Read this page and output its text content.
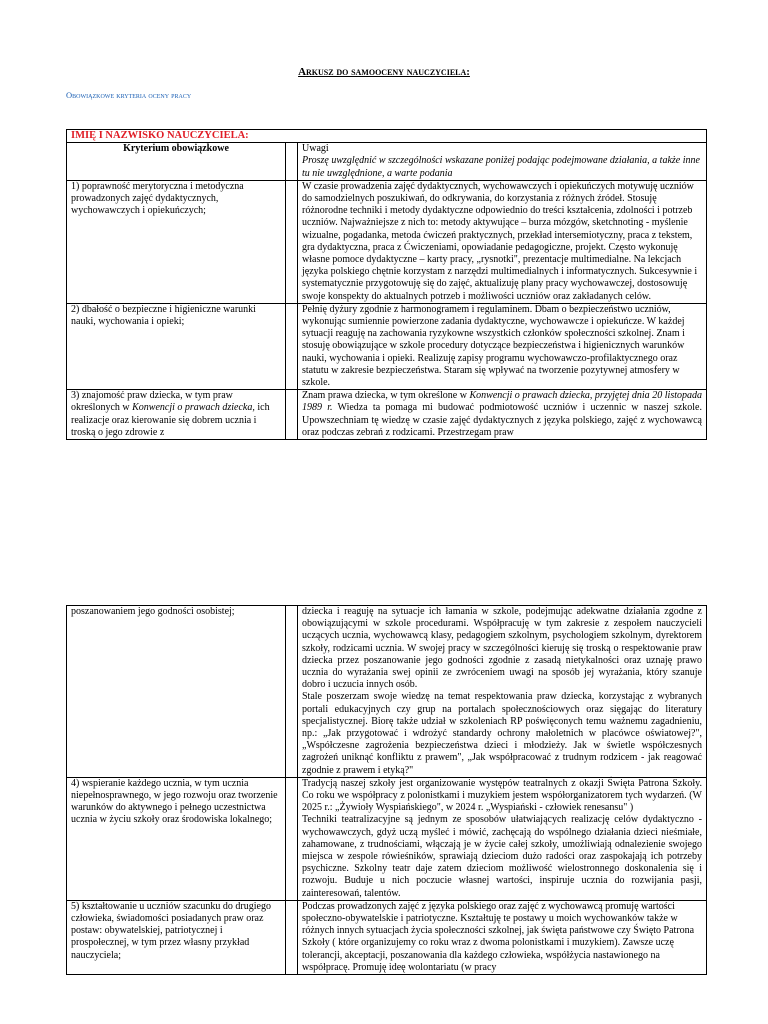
Arkusz do samooceny nauczyciela:
Obowiązkowe kryteria oceny pracy
IMIĘ I NAZWISKO NAUCZYCIELA:		
Kryterium obowiązkowe		Uwagi
Proszę uwzględnić w szczególności wskazane poniżej podając podejmowane działania, a także inne tu nie uwzględnione, a warte podania

1) poprawność merytoryczna i metodyczna prowadzonych zajęć dydaktycznych, wychowawczych i opiekuńczych;		W czasie prowadzenia zajęć dydaktycznych, wychowawczych i opiekuńczych motywuję uczniów do samodzielnych poszukiwań, do odkrywania, do korzystania z różnych źródeł. Stosuję różnorodne techniki i metody dydaktyczne odpowiednio do treści kształcenia, zdolności i potrzeb uczniów. Najważniejsze z nich to: metody aktywujące – burza mózgów, sketchnoting - myślenie wizualne, pogadanka, metoda ćwiczeń praktycznych, przekład intersemiotyczny, praca z tekstem, gra dydaktyczna, praca z Ćwiczeniami, opowiadanie pedagogiczne, projekt. Często wykonuję własne pomoce dydaktyczne – karty pracy, „rysnotki", prezentacje multimedialne. Na lekcjach języka polskiego chętnie korzystam z narzędzi multimedialnych i informatycznych. Sukcesywnie i systematycznie przygotowuję się do zajęć, aktualizuję plany pracy wychowawczej, dostosowuję swoje konspekty do aktualnych potrzeb i możliwości uczniów oraz zakładanych celów.
2) dbałość o bezpieczne i higieniczne warunki nauki, wychowania i opieki;		Pełnię dyżury zgodnie z harmonogramem i regulaminem. Dbam o bezpieczeństwo uczniów, wykonując sumiennie powierzone zadania dydaktyczne, wychowawcze i opiekuńcze. W każdej sytuacji reaguję na zachowania ryzykowne wszystkich członków społeczności szkolnej. Znam i stosuję obowiązujące w szkole procedury dotyczące bezpieczeństwa i higienicznych warunków nauki, wychowania i opieki. Realizuję zapisy programu wychowawczo-profilaktycznego oraz statutu w zakresie bezpieczeństwa. Staram się wpływać na tworzenie pozytywnej atmosfery w szkole.
3) znajomość praw dziecka, w tym praw określonych w Konwencji o prawach dziecka, ich realizacje oraz kierowanie się dobrem ucznia i troską o jego zdrowie z		Znam prawa dziecka, w tym określone w Konwencji o prawach dziecka, przyjętej dnia 20 listopada 1989 r. Wiedza ta pomaga mi budować podmiotowość uczniów i uczennic w naszej szkole. Upowszechniam tę wiedzę w czasie zajęć dydaktycznych z języka polskiego, zajęć z wychowawcą oraz podczas zebrań z rodzicami. Przestrzegam praw
poszanowaniem jego godności osobistej;		dziecka i reaguję na sytuacje ich łamania w szkole, podejmując adekwatne działania zgodne z obowiązującymi w szkole procedurami. Współpracuję w tym zakresie z zespołem nauczycieli uczących ucznia, wychowawcą klasy, pedagogiem szkolnym, psychologiem szkolnym, dyrektorem szkoły, rodzicami ucznia. W swojej pracy w szczególności kieruję się troską o respektowanie praw dziecka przez poszanowanie jego godności zgodnie z zasadą nietykalności oraz uznaję prawo ucznia do wyrażania swej opinii ze zwróceniem uwagi na sposób jej wyrażania, który szanuje dobro i uczucia innych osób.
Stale poszerzam swoje wiedzę na temat respektowania praw dziecka, korzystając z wybranych portali edukacyjnych czy grup na portalach społecznościowych oraz sięgając do literatury specjalistycznej. Biorę także udział w szkoleniach RP poświęconych temu ważnemu zagadnieniu, np.: „Jak przygotować i wdrożyć standardy ochrony małoletnich w placówce oświatowej?", „Współczesne zagrożenia bezpieczeństwa dzieci i młodzieży. Jak w świetle współczesnych zagrożeń uniknąć konfliktu z prawem", „Jak współpracować z trudnym rodzicem - jak reagować zgodnie z prawem i etyką?"

4) wspieranie każdego ucznia, w tym ucznia niepełnosprawnego, w jego rozwoju oraz tworzenie warunków do aktywnego i pełnego uczestnictwa ucznia w życiu szkoły oraz środowiska lokalnego;		Tradycją naszej szkoły jest organizowanie występów teatralnych z okazji Święta Patrona Szkoły. Co roku we współpracy z polonistkami i muzykiem jestem współorganizatorem tych wydarzeń. (W 2025 r.: „Żywioły Wyspiańskiego", w 2024 r. „Wyspiański - człowiek renesansu" )
Techniki teatralizacyjne są jednym ze sposobów ułatwiających realizację celów dydaktyczno - wychowawczych, gdyż uczą myśleć i mówić, zachęcają do wspólnego działania dzieci nieśmiałe, zahamowane, z trudnościami, włączają je w życie całej szkoły, umożliwiają odnalezienie swojego miejsca w zespole rówieśników, sprawiają dzieciom dużo radości oraz zaspokajają ich potrzeby psychiczne. Szkolny teatr daje zatem dzieciom możliwość wielostronnego doskonalenia się i rozwoju. Buduje u nich poczucie własnej wartości, inspiruje ucznia do rozwijania pasji, zainteresowań, talentów.

5) kształtowanie u uczniów szacunku do drugiego człowieka, świadomości posiadanych praw oraz postaw: obywatelskiej, patriotycznej i prospołecznej, w tym przez własny przykład nauczyciela;		Podczas prowadzonych zajęć z języka polskiego oraz zajęć z wychowawcą promuję wartości społeczno-obywatelskie i patriotyczne. Kształtuję te postawy u moich wychowanków także w różnych innych sytuacjach życia społeczności szkolnej, jak święta państwowe czy Święto Patrona Szkoły ( które organizujemy co roku wraz z dwoma polonistkami i muzykiem). Zawsze uczę tolerancji, akceptacji, poszanowania dla każdego człowieka, współżycia nastawionego na współpracę. Promuję ideę wolontariatu (w pracy
